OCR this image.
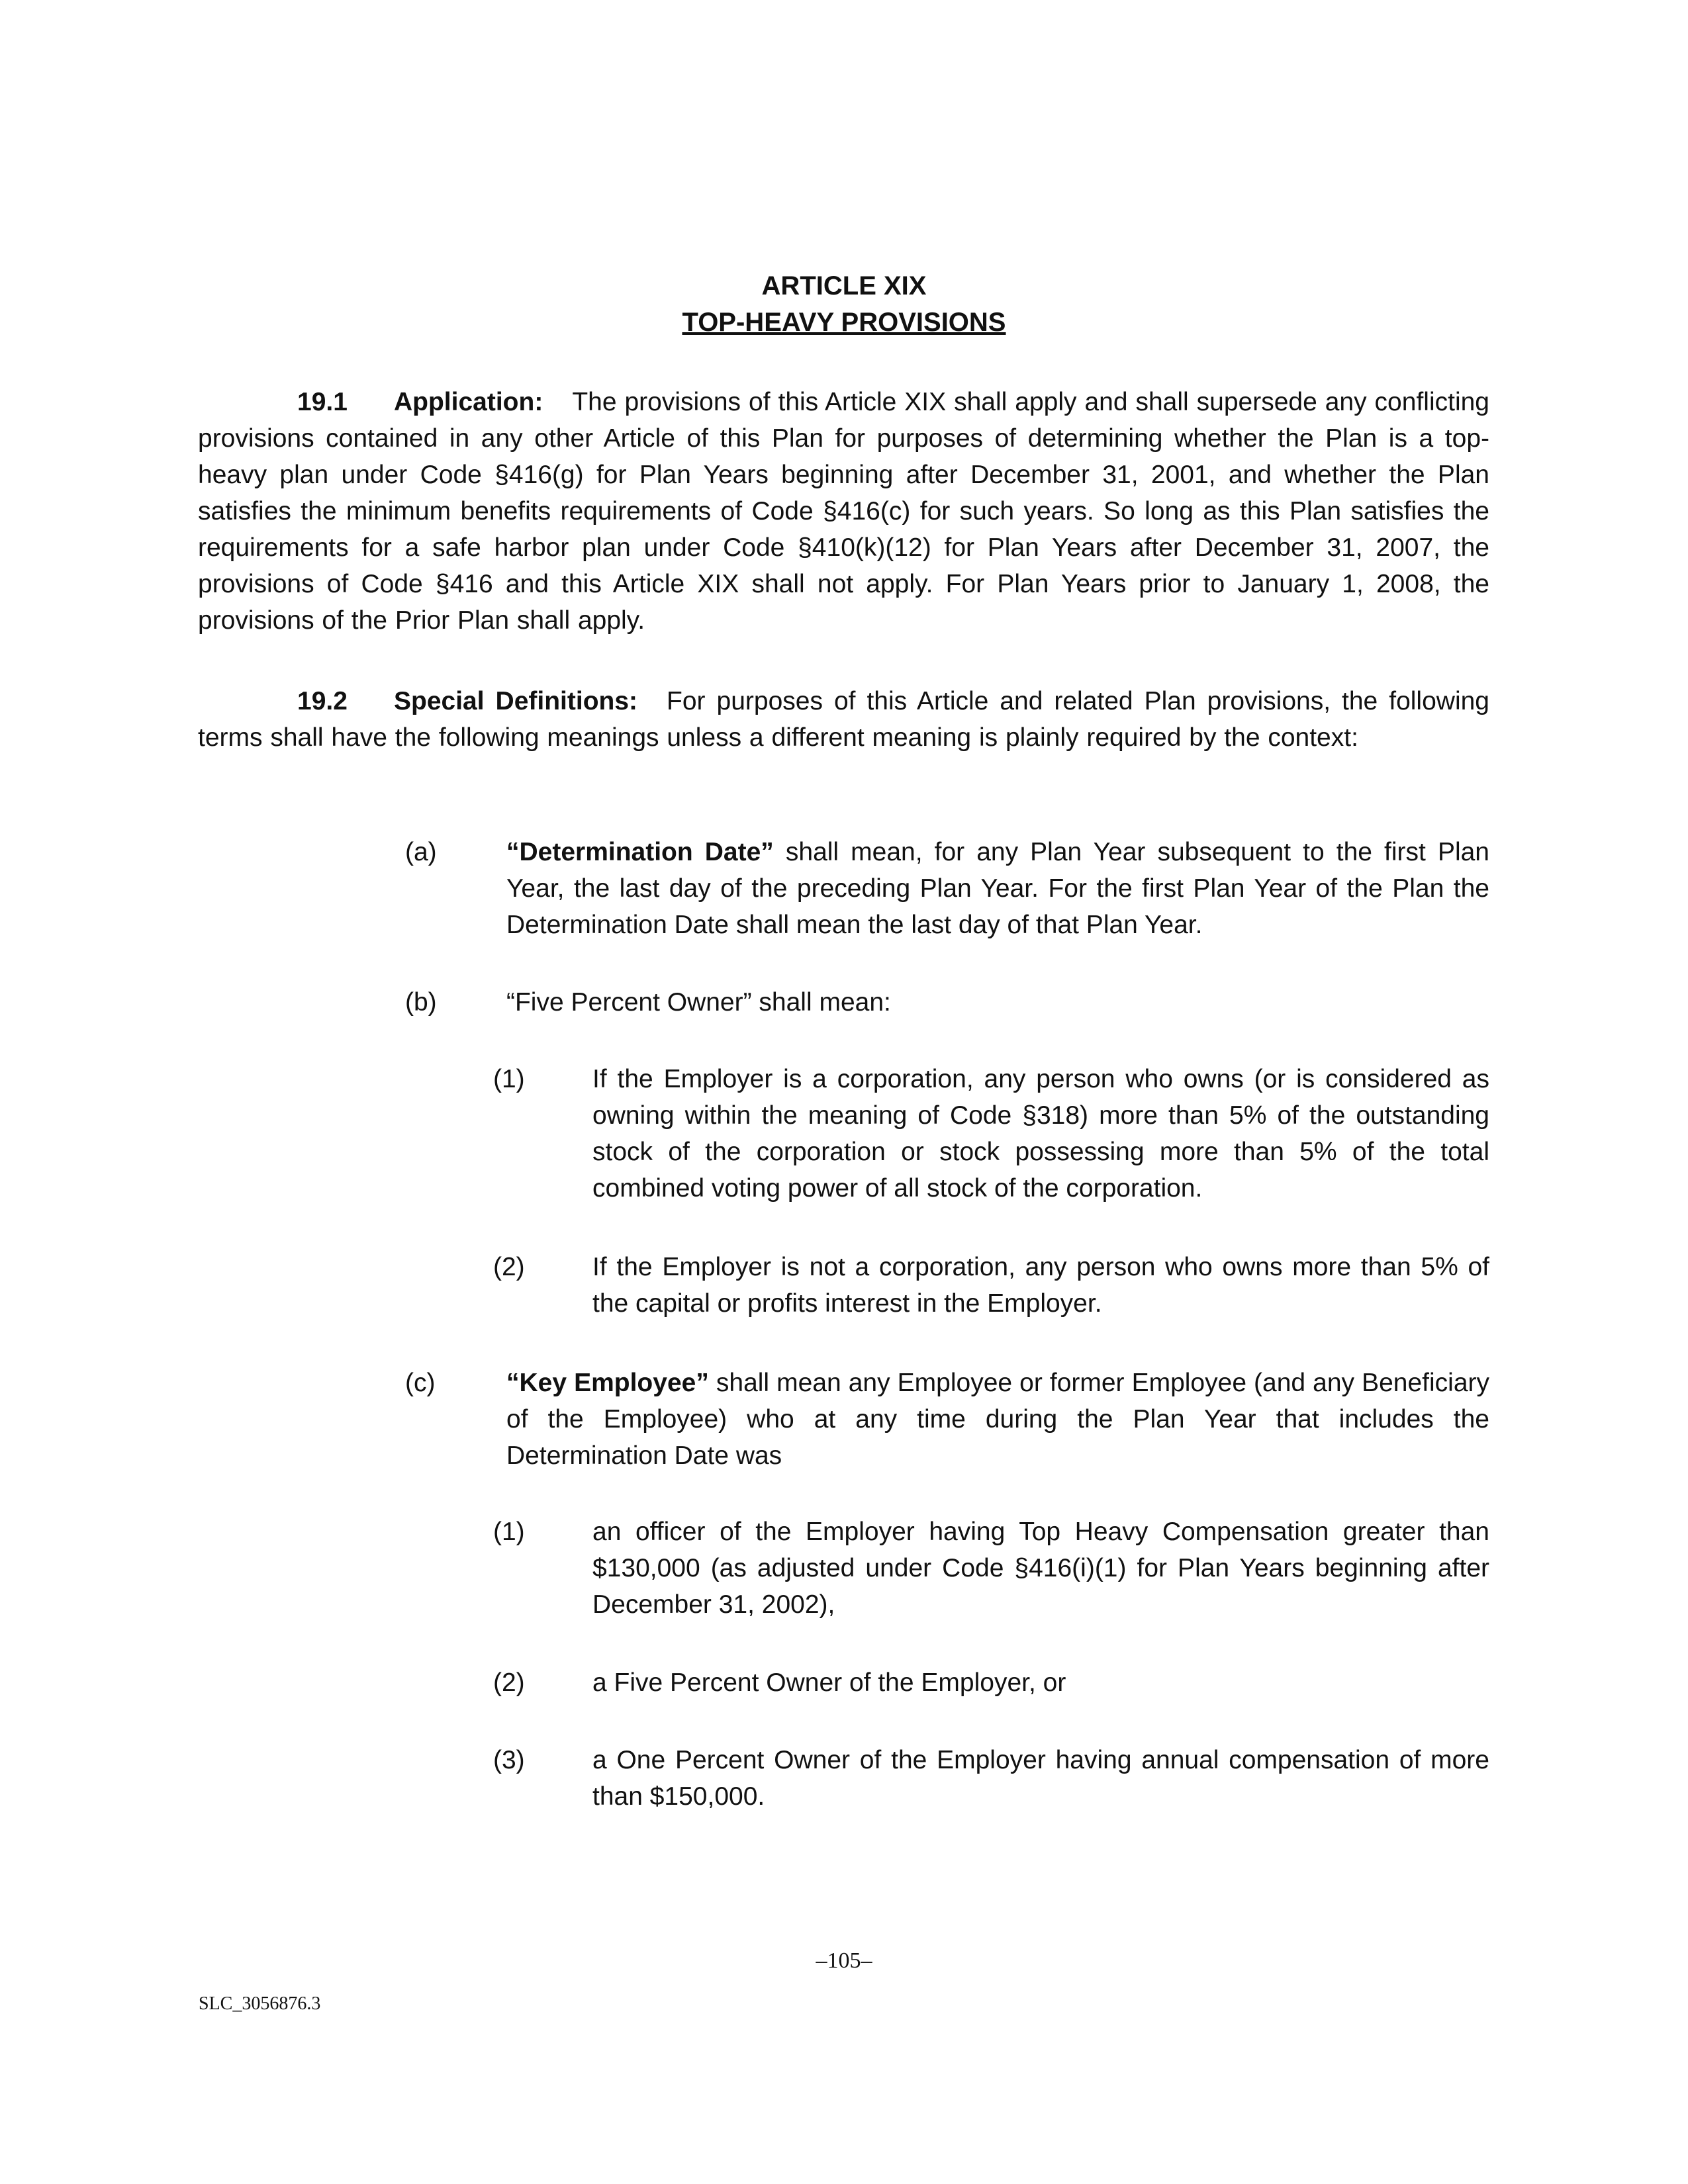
ARTICLE XIX
TOP-HEAVY PROVISIONS
19.1 Application: The provisions of this Article XIX shall apply and shall supersede any conflicting provisions contained in any other Article of this Plan for purposes of determining whether the Plan is a top-heavy plan under Code §416(g) for Plan Years beginning after December 31, 2001, and whether the Plan satisfies the minimum benefits requirements of Code §416(c) for such years. So long as this Plan satisfies the requirements for a safe harbor plan under Code §410(k)(12) for Plan Years after December 31, 2007, the provisions of Code §416 and this Article XIX shall not apply. For Plan Years prior to January 1, 2008, the provisions of the Prior Plan shall apply.
19.2 Special Definitions: For purposes of this Article and related Plan provisions, the following terms shall have the following meanings unless a different meaning is plainly required by the context:
(a)	“Determination Date” shall mean, for any Plan Year subsequent to the first Plan Year, the last day of the preceding Plan Year. For the first Plan Year of the Plan the Determination Date shall mean the last day of that Plan Year.
(b)	“Five Percent Owner” shall mean:
(1)	If the Employer is a corporation, any person who owns (or is considered as owning within the meaning of Code §318) more than 5% of the outstanding stock of the corporation or stock possessing more than 5% of the total combined voting power of all stock of the corporation.
(2)	If the Employer is not a corporation, any person who owns more than 5% of the capital or profits interest in the Employer.
(c)	“Key Employee” shall mean any Employee or former Employee (and any Beneficiary of the Employee) who at any time during the Plan Year that includes the Determination Date was
(1)	an officer of the Employer having Top Heavy Compensation greater than $130,000 (as adjusted under Code §416(i)(1) for Plan Years beginning after December 31, 2002),
(2)	a Five Percent Owner of the Employer, or
(3)	a One Percent Owner of the Employer having annual compensation of more than $150,000.
–105–
SLC_3056876.3
